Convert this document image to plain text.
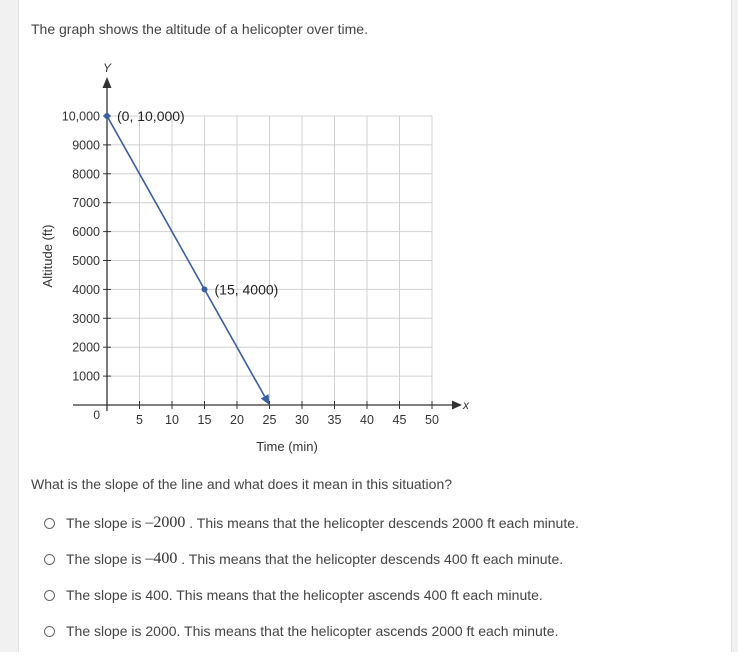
The graph shows the altitude of a helicopter over time.
x
Y
0	5 10 15 20 25 30 35 40 45 50
1000
2000
3000
4000
5000
6000
7000
8000
9000
10,000
Time (min)
Altitude (ft)
(0, 10,000)
(15, 4000)
What is the slope of the line and what does it mean in this situation?
The slope is
–2000
. This means that the helicopter descends 2000 ft each minute.
The slope is
–400
. This means that the helicopter descends 400 ft each minute.
The slope is 400. This means that the helicopter ascends 400 ft each minute.
The slope is 2000. This means that the helicopter ascends 2000 ft each minute.
